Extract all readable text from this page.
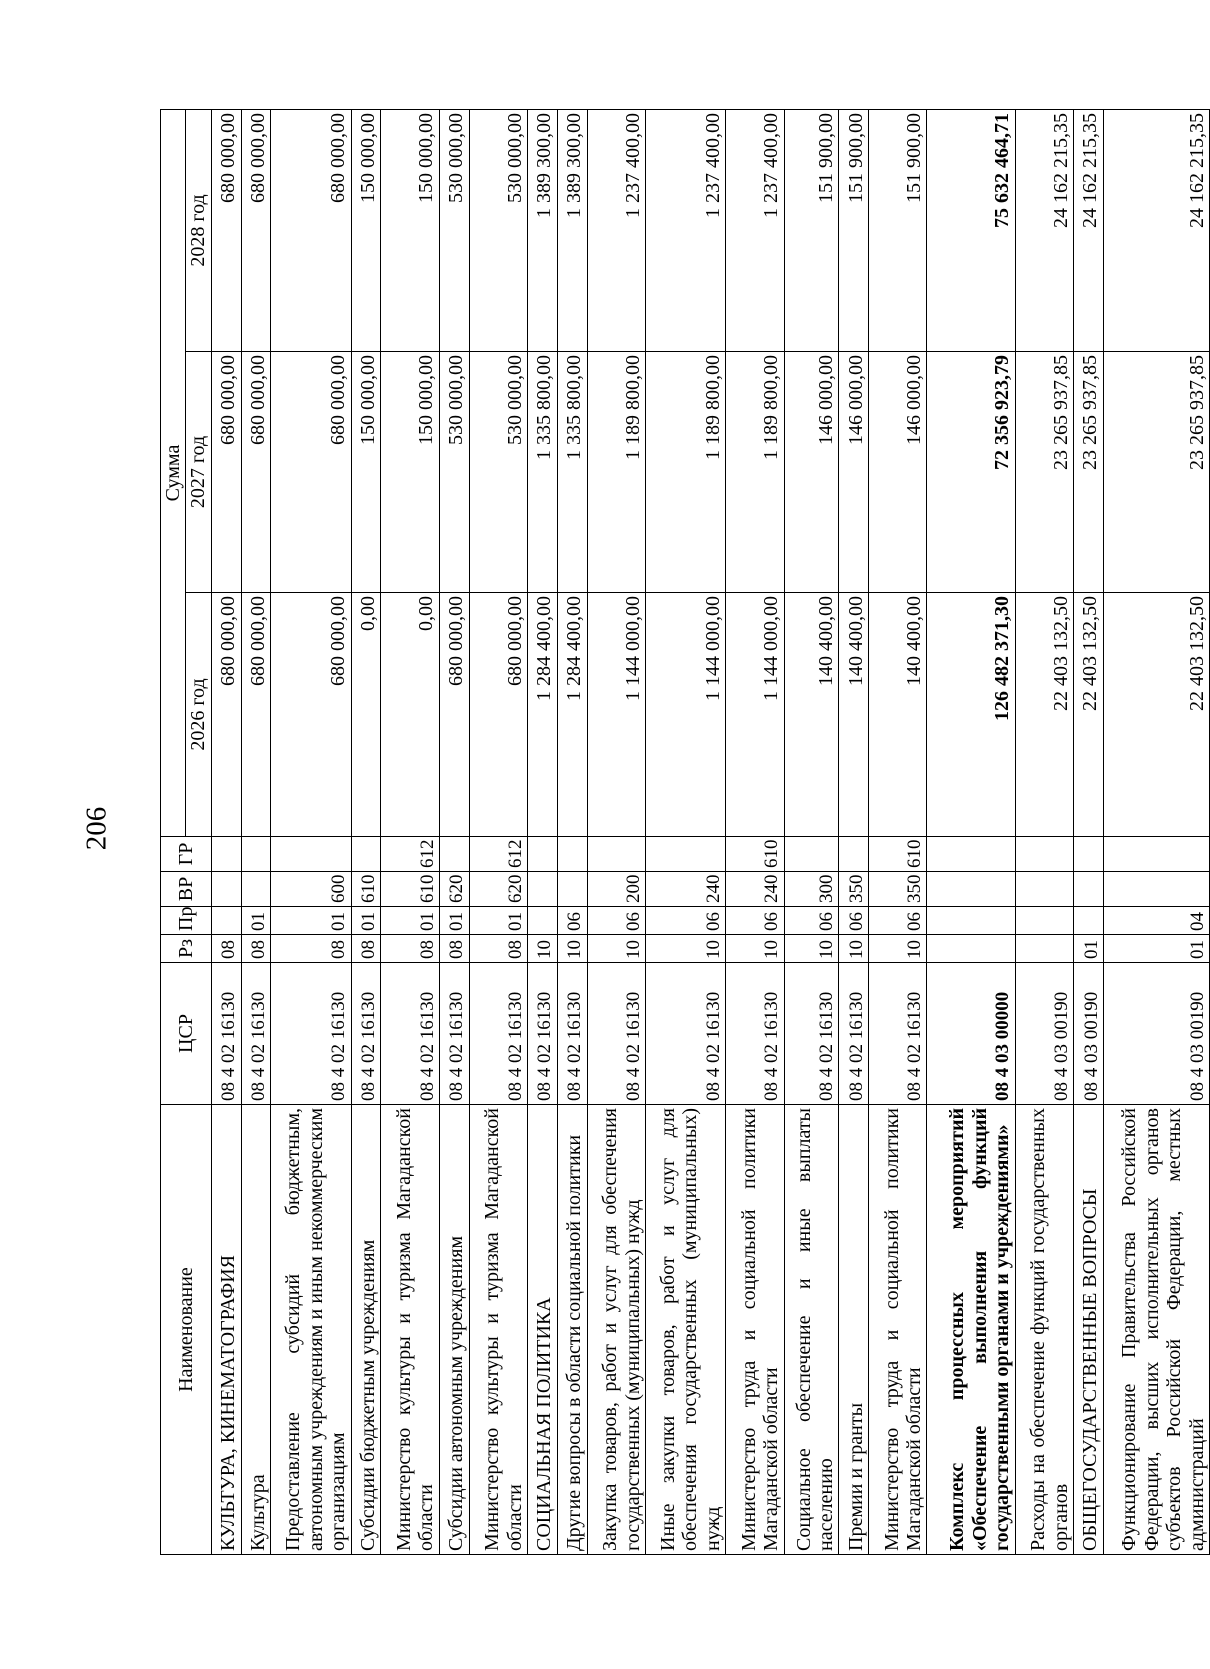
206
Наименование	ЦСР	Рз	Пр	ВР	ГР	Сумма		
						2026 год	2027 год	2028 год
КУЛЬТУРА, КИНЕМАТОГРАФИЯ	08 4 02 16130	08				680 000,00	680 000,00	680 000,00
Культура	08 4 02 16130	08	01			680 000,00	680 000,00	680 000,00
Предоставление субсидий бюджетным, автономным учреждениям и иным некоммерческим организациям	08 4 02 16130	08	01	600		680 000,00	680 000,00	680 000,00
Субсидии бюджетным учреждениям	08 4 02 16130	08	01	610		0,00	150 000,00	150 000,00
Министерство культуры и туризма Магаданской области	08 4 02 16130	08	01	610	612	0,00	150 000,00	150 000,00
Субсидии автономным учреждениям	08 4 02 16130	08	01	620		680 000,00	530 000,00	530 000,00
Министерство культуры и туризма Магаданской области	08 4 02 16130	08	01	620	612	680 000,00	530 000,00	530 000,00
СОЦИАЛЬНАЯ ПОЛИТИКА	08 4 02 16130	10				1 284 400,00	1 335 800,00	1 389 300,00
Другие вопросы в области социальной политики	08 4 02 16130	10	06			1 284 400,00	1 335 800,00	1 389 300,00
Закупка товаров, работ и услуг для обеспечения государственных (муниципальных) нужд	08 4 02 16130	10	06	200		1 144 000,00	1 189 800,00	1 237 400,00
Иные закупки товаров, работ и услуг для обеспечения государственных (муниципальных) нужд	08 4 02 16130	10	06	240		1 144 000,00	1 189 800,00	1 237 400,00
Министерство труда и социальной политики Магаданской области	08 4 02 16130	10	06	240	610	1 144 000,00	1 189 800,00	1 237 400,00
Социальное обеспечение и иные выплаты населению	08 4 02 16130	10	06	300		140 400,00	146 000,00	151 900,00
Премии и гранты	08 4 02 16130	10	06	350		140 400,00	146 000,00	151 900,00
Министерство труда и социальной политики Магаданской области	08 4 02 16130	10	06	350	610	140 400,00	146 000,00	151 900,00
Комплекс процессных мероприятий «Обеспечение выполнения функций государственными органами и учреждениями»	08 4 03 00000					126 482 371,30	72 356 923,79	75 632 464,71
Расходы на обеспечение функций государственных органов	08 4 03 00190					22 403 132,50	23 265 937,85	24 162 215,35
ОБЩЕГОСУДАРСТВЕННЫЕ ВОПРОСЫ	08 4 03 00190	01				22 403 132,50	23 265 937,85	24 162 215,35
Функционирование Правительства Российской Федерации, высших исполнительных органов субъектов Российской Федерации, местных администраций	08 4 03 00190	01	04			22 403 132,50	23 265 937,85	24 162 215,35
